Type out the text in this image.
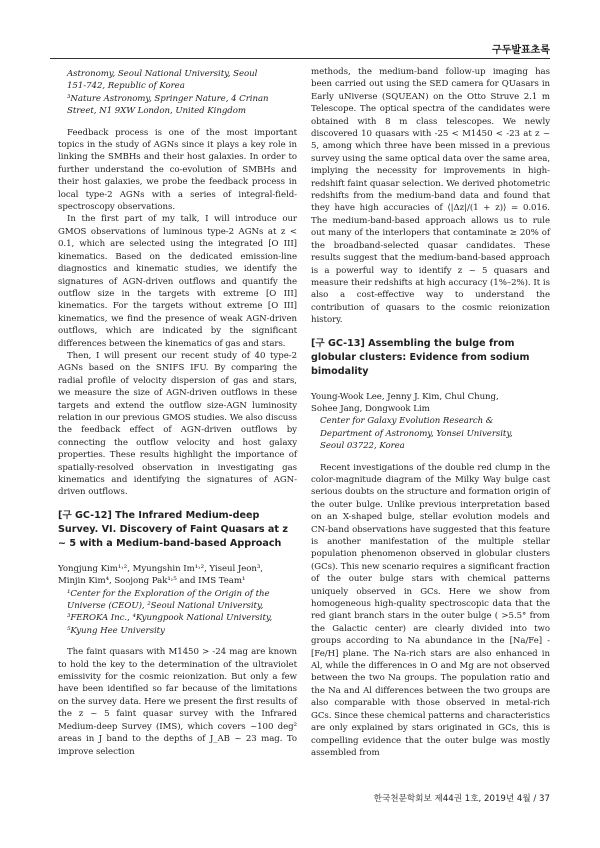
구두발표초록

Astronomy, Seoul National University, Seoul

151-742, Republic of Korea

³Nature Astronomy, Springer Nature, 4 Crinan

Street, N1 9XW London, United Kingdom

Feedback process is one of the most important topics in the study of AGNs since it plays a key role in linking the SMBHs and their host galaxies. In order to further understand the co-evolution of SMBHs and their host galaxies, we probe the feedback process in local type-2 AGNs with a series of integral-field-spectroscopy observations.

In the first part of my talk, I will introduce our GMOS observations of luminous type-2 AGNs at z < 0.1, which are selected using the integrated [O III] kinematics. Based on the dedicated emission-line diagnostics and kinematic studies, we identify the signatures of AGN-driven outflows and quantify the outflow size in the targets with extreme [O III] kinematics. For the targets without extreme [O III] kinematics, we find the presence of weak AGN-driven outflows, which are indicated by the significant differences between the kinematics of gas and stars.

Then, I will present our recent study of 40 type-2 AGNs based on the SNIFS IFU. By comparing the radial profile of velocity dispersion of gas and stars, we measure the size of AGN-driven outflows in these targets and extend the outflow size-AGN luminosity relation in our previous GMOS studies. We also discuss the feedback effect of AGN-driven outflows by connecting the outflow velocity and host galaxy properties. These results highlight the importance of spatially-resolved observation in investigating gas kinematics and identifying the signatures of AGN-driven outflows.

[구 GC-12] The Infrared Medium-deep Survey. VI. Discovery of Faint Quasars at z ~ 5 with a Medium-band-based Approach

Yongjung Kim¹˒², Myungshin Im¹˒², Yiseul Jeon³,

Minjin Kim⁴, Soojong Pak¹˒⁵ and IMS Team¹

¹Center for the Exploration of the Origin of the

Universe (CEOU), ²Seoul National University,

³FEROKA Inc., ⁴Kyungpook National University,

⁵Kyung Hee University

The faint quasars with M1450 > -24 mag are known to hold the key to the determination of the ultraviolet emissivity for the cosmic reionization. But only a few have been identified so far because of the limitations on the survey data. Here we present the first results of the z ~ 5 faint quasar survey with the Infrared Medium-deep Survey (IMS), which covers ~100 deg² areas in J band to the depths of J_AB ~ 23 mag. To improve selection

methods, the medium-band follow-up imaging has been carried out using the SED camera for QUasars in Early uNiverse (SQUEAN) on the Otto Struve 2.1 m Telescope. The optical spectra of the candidates were obtained with 8 m class telescopes. We newly discovered 10 quasars with -25 < M1450 < -23 at z ~ 5, among which three have been missed in a previous survey using the same optical data over the same area, implying the necessity for improvements in high-redshift faint quasar selection. We derived photometric redshifts from the medium-band data and found that they have high accuracies of ⟨|Δz|/(1 + z)⟩ = 0.016. The medium-band-based approach allows us to rule out many of the interlopers that contaminate ≥ 20% of the broadband-selected quasar candidates. These results suggest that the medium-band-based approach is a powerful way to identify z ~ 5 quasars and measure their redshifts at high accuracy (1%–2%). It is also a cost-effective way to understand the contribution of quasars to the cosmic reionization history.

[구 GC-13] Assembling the bulge from globular clusters: Evidence from sodium bimodality

Young-Wook Lee, Jenny J. Kim, Chul Chung,

Sohee Jang, Dongwook Lim

Center for Galaxy Evolution Research &

Department of Astronomy, Yonsei University,

Seoul 03722, Korea

Recent investigations of the double red clump in the color-magnitude diagram of the Milky Way bulge cast serious doubts on the structure and formation origin of the outer bulge. Unlike previous interpretation based on an X-shaped bulge, stellar evolution models and CN-band observations have suggested that this feature is another manifestation of the multiple stellar population phenomenon observed in globular clusters (GCs). This new scenario requires a significant fraction of the outer bulge stars with chemical patterns uniquely observed in GCs. Here we show from homogeneous high-quality spectroscopic data that the red giant branch stars in the outer bulge ( >5.5° from the Galactic center) are clearly divided into two groups according to Na abundance in the [Na/Fe] - [Fe/H] plane. The Na-rich stars are also enhanced in Al, while the differences in O and Mg are not observed between the two Na groups. The population ratio and the Na and Al differences between the two groups are also comparable with those observed in metal-rich GCs. Since these chemical patterns and characteristics are only explained by stars originated in GCs, this is compelling evidence that the outer bulge was mostly assembled from

한국천문학회보 제44권 1호, 2019년 4월 / 37
